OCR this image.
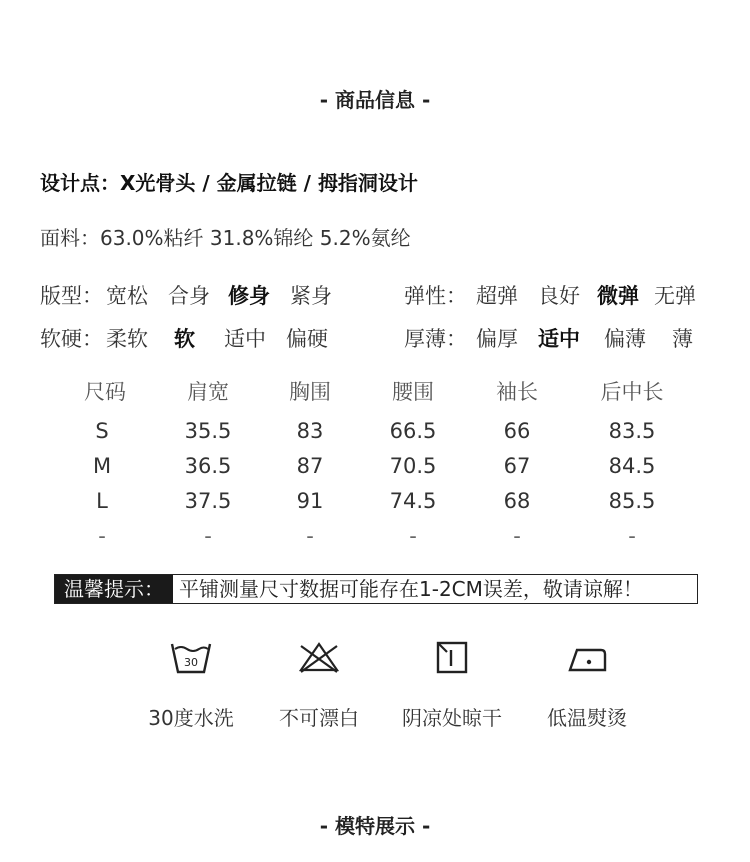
- 商品信息 -
设计点：X光骨头 / 金属拉链 / 拇指洞设计
面料：63.0%粘纤 31.8%锦纶 5.2%氨纶
版型： 宽松 合身 修身 紧身	弹性： 超弹 良好 微弹 无弹
软硬： 柔软 软 适中 偏硬	厚薄： 偏厚 适中 偏薄 薄
尺码	肩宽	胸围	腰围	袖长	后中长
S	35.5	83	66.5	66	83.5
M	36.5	87	70.5	67	84.5
L	37.5	91	74.5	68	85.5
-	-	-	-	-	-
温馨提示： 平铺测量尺寸数据可能存在1-2CM误差，敬请谅解！
30
30度水洗	不可漂白	阴凉处晾干	低温熨烫
- 模特展示 -
